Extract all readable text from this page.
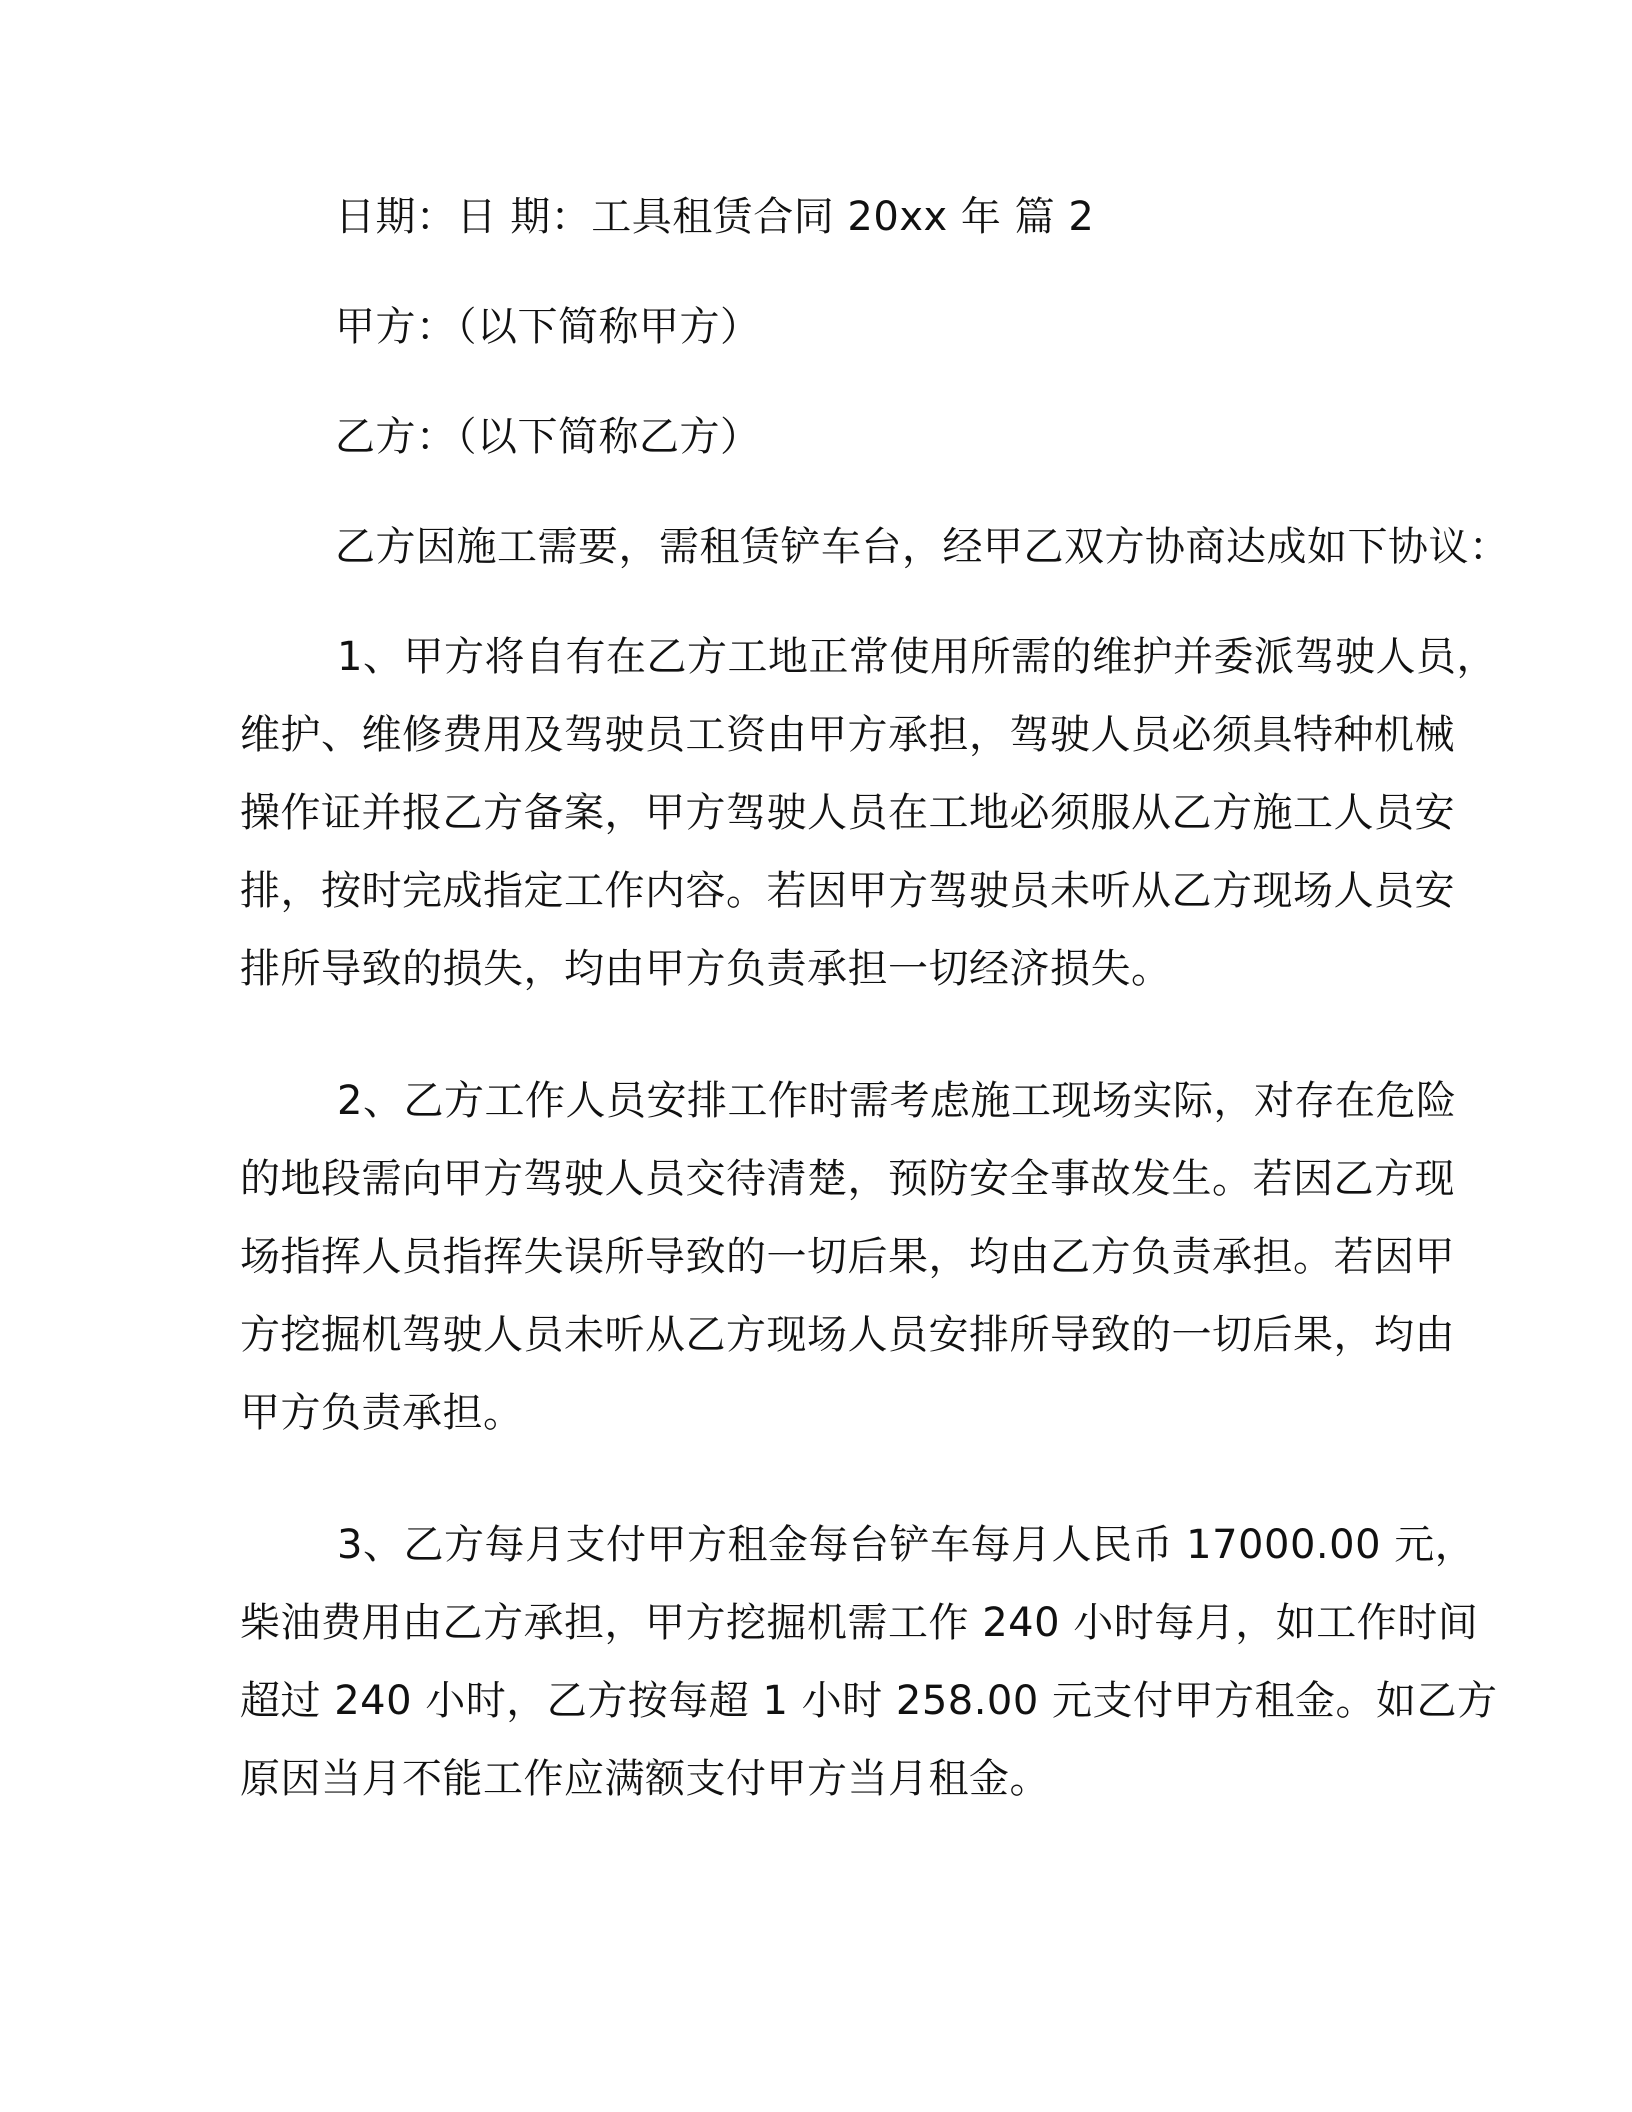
日期：日 期：工具租赁合同 20xx 年 篇 2

甲方：（以下简称甲方）

乙方：（以下简称乙方）

乙方因施工需要，需租赁铲车台，经甲乙双方协商达成如下协议：

1、甲方将自有在乙方工地正常使用所需的维护并委派驾驶人员，

维护、维修费用及驾驶员工资由甲方承担，驾驶人员必须具特种机械

操作证并报乙方备案，甲方驾驶人员在工地必须服从乙方施工人员安

排，按时完成指定工作内容。若因甲方驾驶员未听从乙方现场人员安

排所导致的损失，均由甲方负责承担一切经济损失。

2、乙方工作人员安排工作时需考虑施工现场实际，对存在危险

的地段需向甲方驾驶人员交待清楚，预防安全事故发生。若因乙方现

场指挥人员指挥失误所导致的一切后果，均由乙方负责承担。若因甲

方挖掘机驾驶人员未听从乙方现场人员安排所导致的一切后果，均由

甲方负责承担。

3、乙方每月支付甲方租金每台铲车每月人民币 17000.00 元，

柴油费用由乙方承担，甲方挖掘机需工作 240 小时每月，如工作时间

超过 240 小时，乙方按每超 1 小时 258.00 元支付甲方租金。如乙方

原因当月不能工作应满额支付甲方当月租金。
